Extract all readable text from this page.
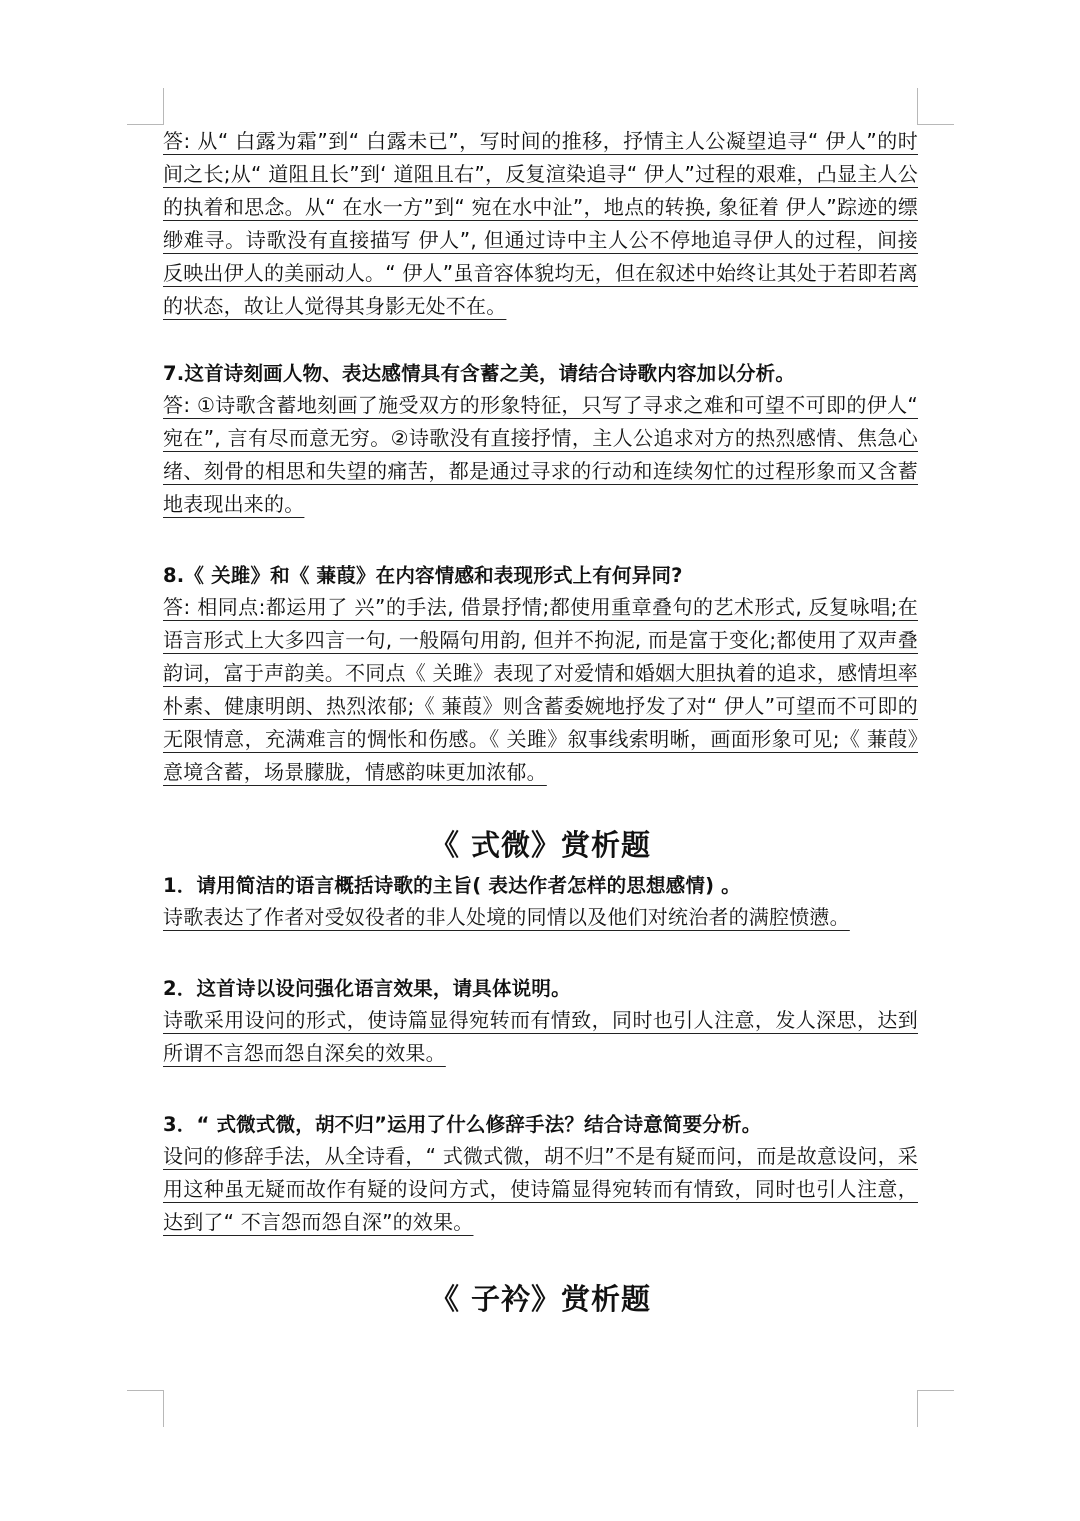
答: 从“ 白露为霜”到“ 白露未已”，写时间的推移，抒情主人公凝望追寻“ 伊人”的时间之长;从“ 道阻且长”到‘ 道阻且右”，反复渲染追寻“ 伊人”过程的艰难，凸显主人公的执着和思念。从“ 在水一方”到“ 宛在水中沚”，地点的转换, 象征着 伊人”踪迹的缥缈难寻。诗歌没有直接描写 伊人”, 但通过诗中主人公不停地追寻伊人的过程，间接反映出伊人的美丽动人。“ 伊人”虽音容体貌均无，但在叙述中始终让其处于若即若离的状态，故让人觉得其身影无处不在。

7.这首诗刻画人物、表达感情具有含蓄之美，请结合诗歌内容加以分析。

答: ①诗歌含蓄地刻画了施受双方的形象特征，只写了寻求之难和可望不可即的伊人“ 宛在”, 言有尽而意无穷。②诗歌没有直接抒情，主人公追求对方的热烈感情、焦急心绪、刻骨的相思和失望的痛苦，都是通过寻求的行动和连续匆忙的过程形象而又含蓄地表现出来的。

8.《 关雎》和《 蒹葭》在内容情感和表现形式上有何异同?

答: 相同点:都运用了 兴”的手法, 借景抒情;都使用重章叠句的艺术形式, 反复咏唱;在语言形式上大多四言一句, 一般隔句用韵, 但并不拘泥, 而是富于变化;都使用了双声叠韵词，富于声韵美。不同点《 关雎》表现了对爱情和婚姻大胆执着的追求，感情坦率朴素、健康明朗、热烈浓郁;《 蒹葭》则含蓄委婉地抒发了对“ 伊人”可望而不可即的无限情意，充满难言的惆怅和伤感。《 关雎》叙事线索明晰，画面形象可见;《 蒹葭》意境含蓄，场景朦胧，情感韵味更加浓郁。

《 式微》赏析题

1．请用简洁的语言概括诗歌的主旨( 表达作者怎样的思想感情) 。

诗歌表达了作者对受奴役者的非人处境的同情以及他们对统治者的满腔愤懑。

2．这首诗以设问强化语言效果，请具体说明。

诗歌采用设问的形式，使诗篇显得宛转而有情致，同时也引人注意，发人深思，达到所谓不言怨而怨自深矣的效果。

3．“ 式微式微，胡不归”运用了什么修辞手法？结合诗意简要分析。

设问的修辞手法，从全诗看，“ 式微式微，胡不归”不是有疑而问，而是故意设问，采用这种虽无疑而故作有疑的设问方式，使诗篇显得宛转而有情致，同时也引人注意，达到了“ 不言怨而怨自深”的效果。

《 子衿》赏析题
